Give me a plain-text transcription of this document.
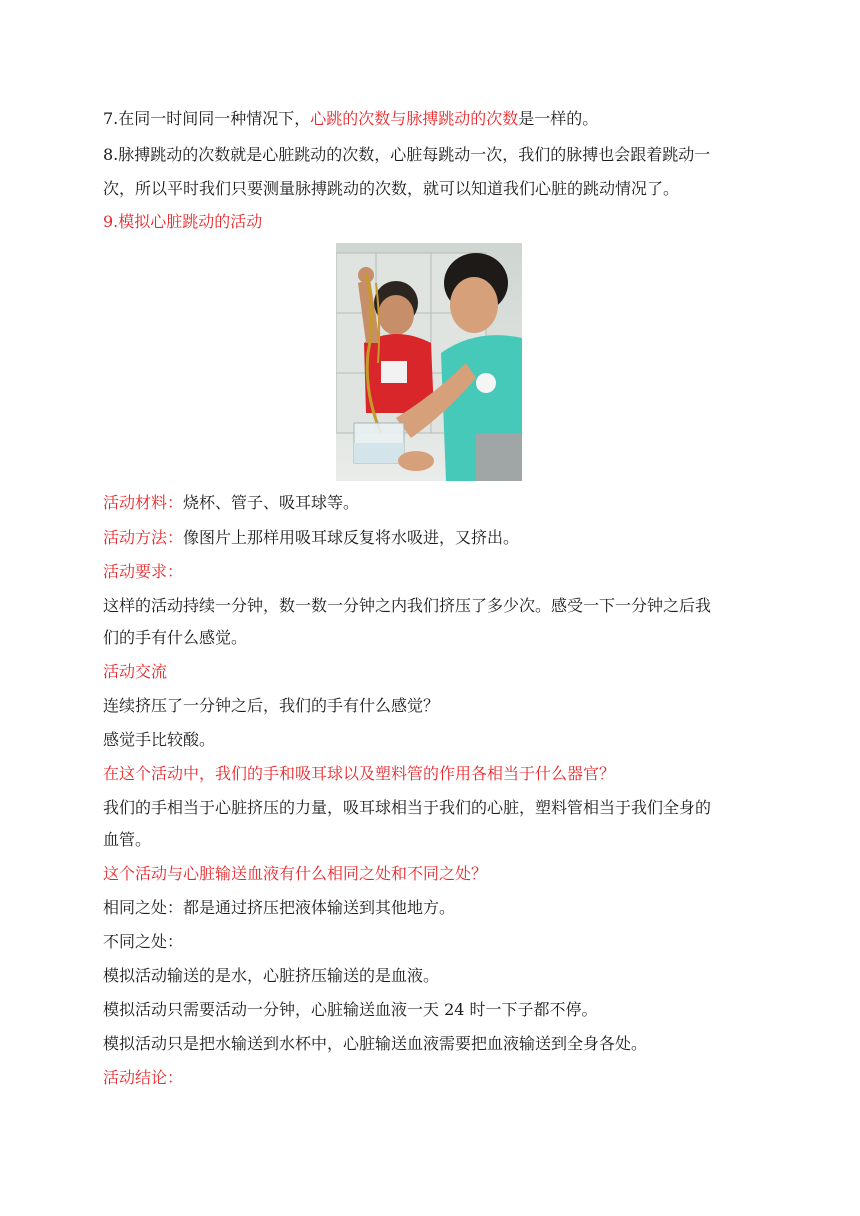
7.在同一时间同一种情况下，心跳的次数与脉搏跳动的次数是一样的。
8.脉搏跳动的次数就是心脏跳动的次数，心脏每跳动一次，我们的脉搏也会跟着跳动一
次，所以平时我们只要测量脉搏跳动的次数，就可以知道我们心脏的跳动情况了。
9.模拟心脏跳动的活动
活动材料：烧杯、管子、吸耳球等。
活动方法：像图片上那样用吸耳球反复将水吸进，又挤出。
活动要求：
这样的活动持续一分钟，数一数一分钟之内我们挤压了多少次。感受一下一分钟之后我
们的手有什么感觉。
活动交流
连续挤压了一分钟之后，我们的手有什么感觉？
感觉手比较酸。
在这个活动中，我们的手和吸耳球以及塑料管的作用各相当于什么器官？
我们的手相当于心脏挤压的力量，吸耳球相当于我们的心脏，塑料管相当于我们全身的
血管。
这个活动与心脏输送血液有什么相同之处和不同之处？
相同之处：都是通过挤压把液体输送到其他地方。
不同之处：
模拟活动输送的是水，心脏挤压输送的是血液。
模拟活动只需要活动一分钟，心脏输送血液一天 24 时一下子都不停。
模拟活动只是把水输送到水杯中，心脏输送血液需要把血液输送到全身各处。
活动结论：
